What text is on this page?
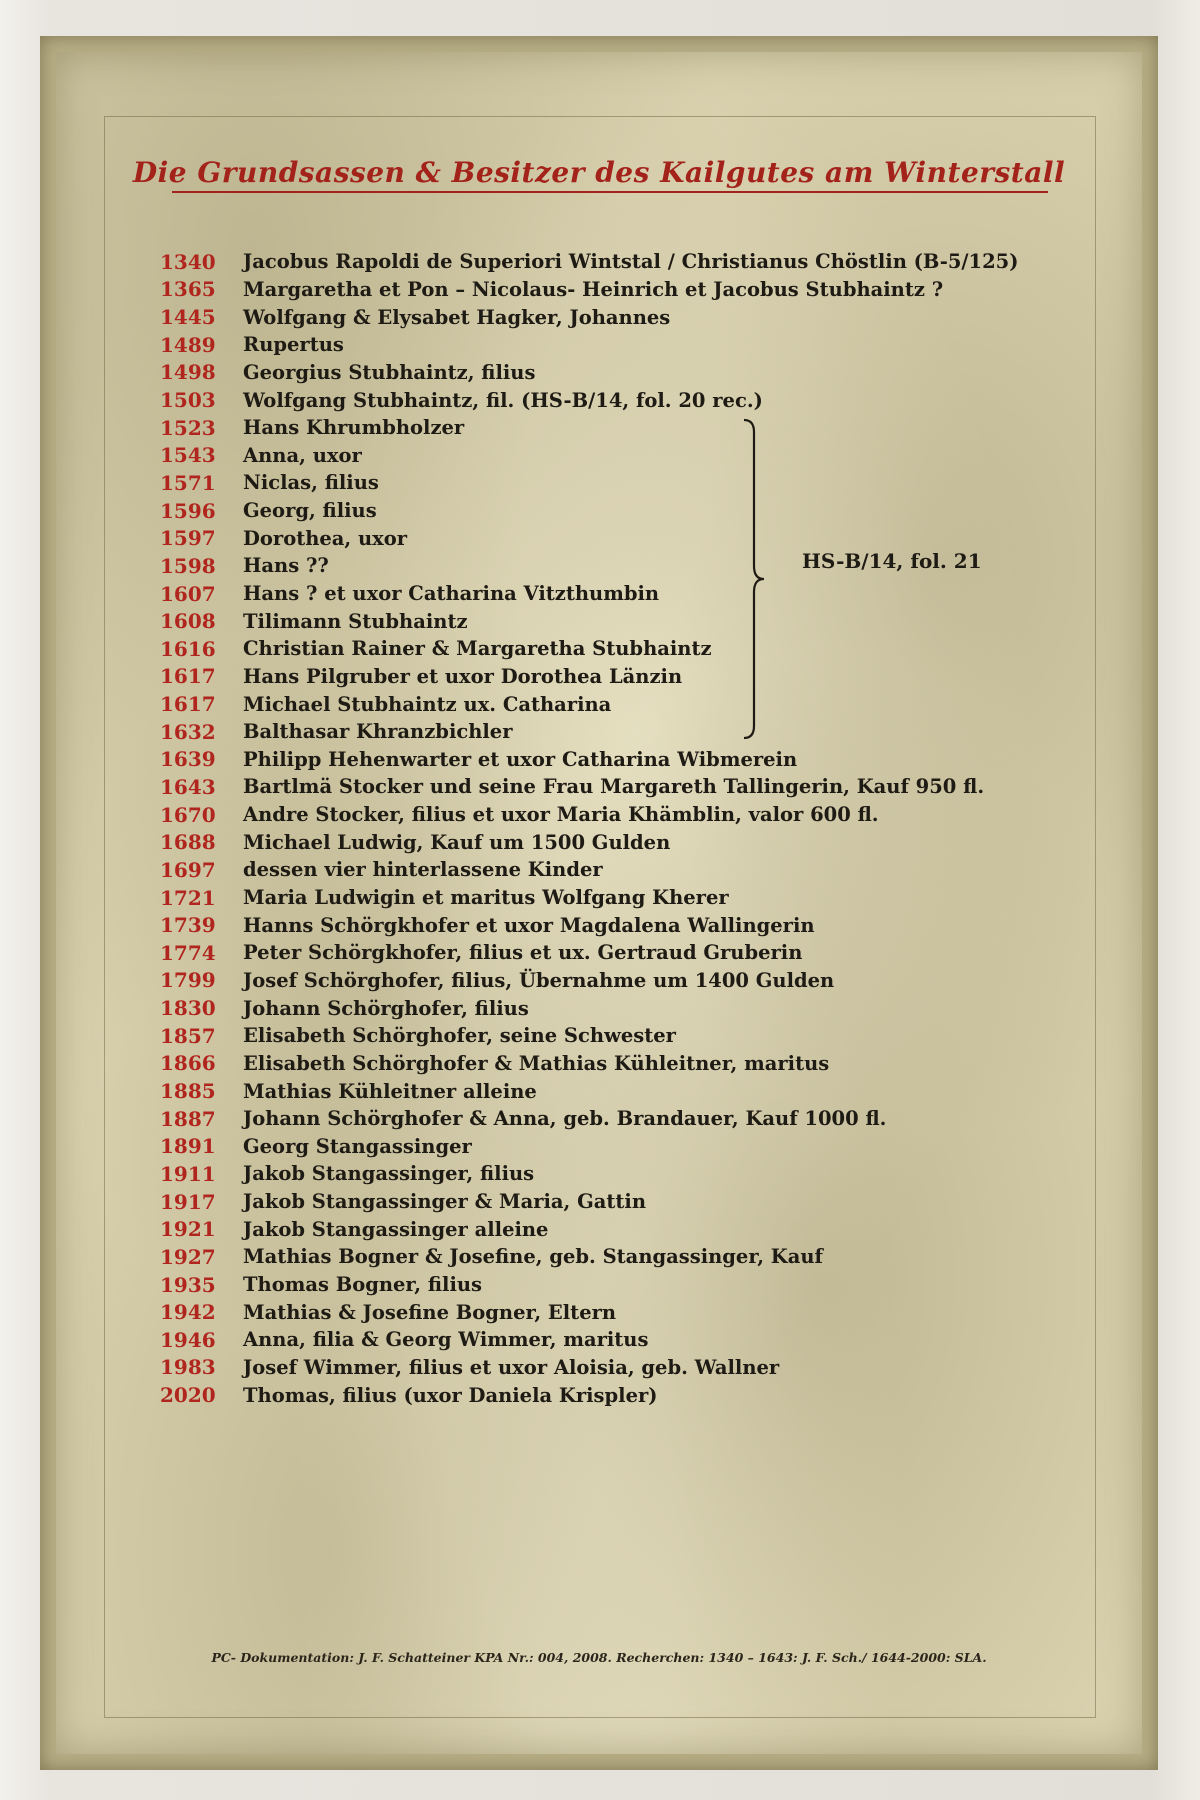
Die Grundsassen & Besitzer des Kailgutes am Winterstall
1340	Jacobus Rapoldi de Superiori Wintstal / Christianus Chöstlin (B-5/125)
1365	Margaretha et Pon – Nicolaus- Heinrich et Jacobus Stubhaintz ?
1445	Wolfgang & Elysabet Hagker, Johannes
1489	Rupertus
1498	Georgius Stubhaintz, filius
1503	Wolfgang Stubhaintz, fil. (HS-B/14, fol. 20 rec.)
1523	Hans Khrumbholzer
1543	Anna, uxor
1571	Niclas, filius
1596	Georg, filius
1597	Dorothea, uxor
1598	Hans ??
1607	Hans ? et uxor Catharina Vitzthumbin
1608	Tilimann Stubhaintz
1616	Christian Rainer & Margaretha Stubhaintz
1617	Hans Pilgruber et uxor Dorothea Länzin
1617	Michael Stubhaintz ux. Catharina
1632	Balthasar Khranzbichler
1639	Philipp Hehenwarter et uxor Catharina Wibmerein
1643	Bartlmä Stocker und seine Frau Margareth Tallingerin, Kauf 950 fl.
1670	Andre Stocker, filius et uxor Maria Khämblin, valor 600 fl.
1688	Michael Ludwig, Kauf um 1500 Gulden
1697	dessen vier hinterlassene Kinder
1721	Maria Ludwigin et maritus Wolfgang Kherer
1739	Hanns Schörgkhofer et uxor Magdalena Wallingerin
1774	Peter Schörgkhofer, filius et ux. Gertraud Gruberin
1799	Josef Schörghofer, filius, Übernahme um 1400 Gulden
1830	Johann Schörghofer, filius
1857	Elisabeth Schörghofer, seine Schwester
1866	Elisabeth Schörghofer & Mathias Kühleitner, maritus
1885	Mathias Kühleitner alleine
1887	Johann Schörghofer & Anna, geb. Brandauer, Kauf 1000 fl.
1891	Georg Stangassinger
1911	Jakob Stangassinger, filius
1917	Jakob Stangassinger & Maria, Gattin
1921	Jakob Stangassinger alleine
1927	Mathias Bogner & Josefine, geb. Stangassinger, Kauf
1935	Thomas Bogner, filius
1942	Mathias & Josefine Bogner, Eltern
1946	Anna, filia & Georg Wimmer, maritus
1983	Josef Wimmer, filius et uxor Aloisia, geb. Wallner
2020	Thomas, filius (uxor Daniela Krispler)
HS-B/14, fol. 21
PC- Dokumentation: J. F. Schatteiner KPA Nr.: 004, 2008. Recherchen: 1340 – 1643: J. F. Sch./ 1644-2000: SLA.
